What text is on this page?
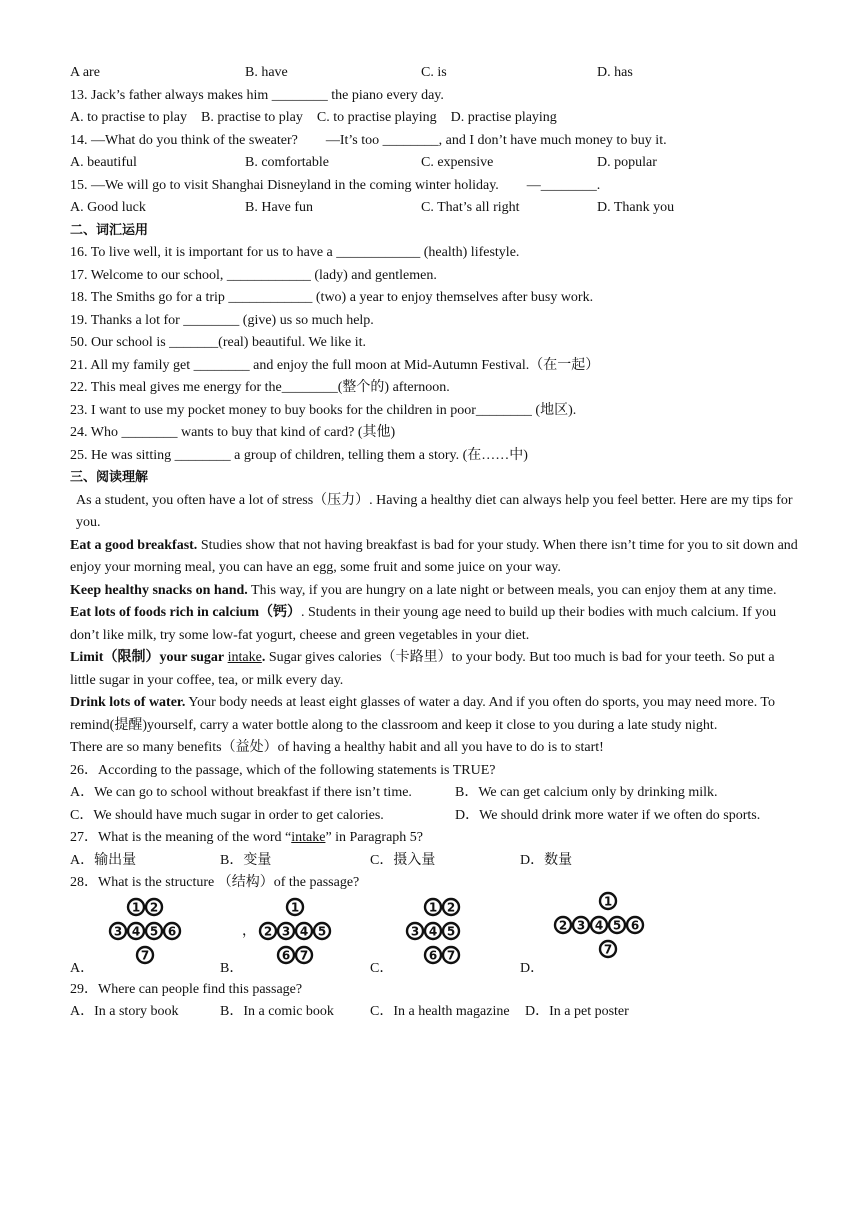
A are	B. have	C. is	D. has
13. Jack’s father always makes him ________ the piano every day.
A. to practise to play B. practise to play C. to practise playing D. practise playing
14. —What do you think of the sweater?        —It’s too ________, and I don’t have much money to buy it.
A. beautiful	B. comfortable	C. expensive	D. popular
15. —We will go to visit Shanghai Disneyland in the coming winter holiday.        —________.
A. Good luck	B. Have fun	C. That’s all right	D. Thank you
二、词汇运用
16. To live well, it is important for us to have a ____________ (health) lifestyle.
17. Welcome to our school, ____________ (lady) and gentlemen.
18. The Smiths go for a trip ____________ (two) a year to enjoy themselves after busy work.
19. Thanks a lot for ________ (give) us so much help.
50. Our school is _______(real) beautiful. We like it.
21. All my family get ________ and enjoy the full moon at Mid-Autumn Festival.（在一起）
22. This meal gives me energy for the________(整个的) afternoon.
23. I want to use my pocket money to buy books for the children in poor________ (地区).
24. Who ________ wants to buy that kind of card? (其他)
25. He was sitting ________ a group of children, telling them a story. (在……中)
三、阅读理解

As a student, you often have a lot of stress（压力）. Having a healthy diet can always help you feel better. Here are my tips for you.

Eat a good breakfast. Studies show that not having breakfast is bad for your study. When there isn’t time for you to sit down and enjoy your morning meal, you can have an egg, some fruit and some juice on your way.

Keep healthy snacks on hand. This way, if you are hungry on a late night or between meals, you can enjoy them at any time.

Eat lots of foods rich in calcium（钙）. Students in their young age need to build up their bodies with much calcium. If you don’t like milk, try some low-fat yogurt, cheese and green vegetables in your diet.

Limit（限制）your sugar intake. Sugar gives calories（卡路里）to your body. But too much is bad for your teeth. So put a little sugar in your coffee, tea, or milk every day.

Drink lots of water. Your body needs at least eight glasses of water a day. And if you often do sports, you may need more. To remind(提醒)yourself, carry a water bottle along to the classroom and keep it close to you during a late study night.

There are so many benefits（益处）of having a healthy habit and all you have to do is to start!

26．According to the passage, which of the following statements is TRUE?
A．We can go to school without breakfast if there isn’t time.	B．We can get calcium only by drinking milk.
C．We should have much sugar in order to get calories.	D．We should drink more water if we often do sports.
27．What is the meaning of the word “intake” in Paragraph 5?
A．输出量	B．变量	C．摄入量	D．数量
28．What is the structure （结构）of the passage?
A．
1 2
3 4 5 6
7
B．
，
1
2 3 4 5
6 7
C．
1 2
3 4 5
6 7
D．
1
2 3 4 5 6
7
29．Where can people find this passage?
A．In a story book	B．In a comic book	C．In a health magazine D．In a pet poster
